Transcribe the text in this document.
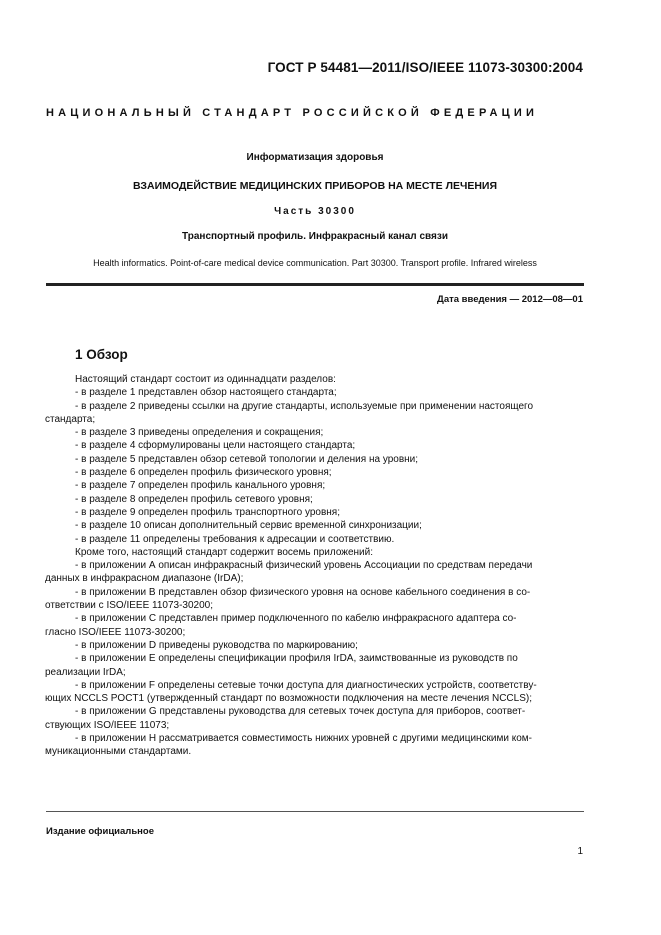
ГОСТ Р 54481—2011/ISO/IEEE 11073-30300:2004
НАЦИОНАЛЬНЫЙ СТАНДАРТ РОССИЙСКОЙ ФЕДЕРАЦИИ
Информатизация здоровья
ВЗАИМОДЕЙСТВИЕ МЕДИЦИНСКИХ ПРИБОРОВ НА МЕСТЕ ЛЕЧЕНИЯ
Часть 30300
Транспортный профиль. Инфракрасный канал связи
Health informatics. Point-of-care medical device communication. Part 30300. Transport profile. Infrared wireless
Дата введения — 2012—08—01
1 Обзор

Настоящий стандарт состоит из одиннадцати разделов:

- в разделе 1 представлен обзор настоящего стандарта;

- в разделе 2 приведены ссылки на другие стандарты, используемые при применении настоящего

стандарта;

- в разделе 3 приведены определения и сокращения;

- в разделе 4 сформулированы цели настоящего стандарта;

- в разделе 5 представлен обзор сетевой топологии и деления на уровни;

- в разделе 6 определен профиль физического уровня;

- в разделе 7 определен профиль канального уровня;

- в разделе 8 определен профиль сетевого уровня;

- в разделе 9 определен профиль транспортного уровня;

- в разделе 10 описан дополнительный сервис временной синхронизации;

- в разделе 11 определены требования к адресации и соответствию.

Кроме того, настоящий стандарт содержит восемь приложений:

- в приложении А описан инфракрасный физический уровень Ассоциации по средствам передачи

данных в инфракрасном диапазоне (IrDA);

- в приложении В представлен обзор физического уровня на основе кабельного соединения в со-

ответствии с ISO/IEEE 11073-30200;

- в приложении С представлен пример подключенного по кабелю инфракрасного адаптера со-

гласно ISO/IEEE 11073-30200;

- в приложении D приведены руководства по маркированию;

- в приложении Е определены спецификации профиля IrDA, заимствованные из руководств по

реализации IrDA;

- в приложении F определены сетевые точки доступа для диагностических устройств, соответству-

ющих NCCLS POCT1 (утвержденный стандарт по возможности подключения на месте лечения NCCLS);

- в приложении G представлены руководства для сетевых точек доступа для приборов, соответ-

ствующих ISO/IEEE 11073;

- в приложении Н рассматривается совместимость нижних уровней с другими медицинскими ком-

муникационными стандартами.

Издание официальное
1
